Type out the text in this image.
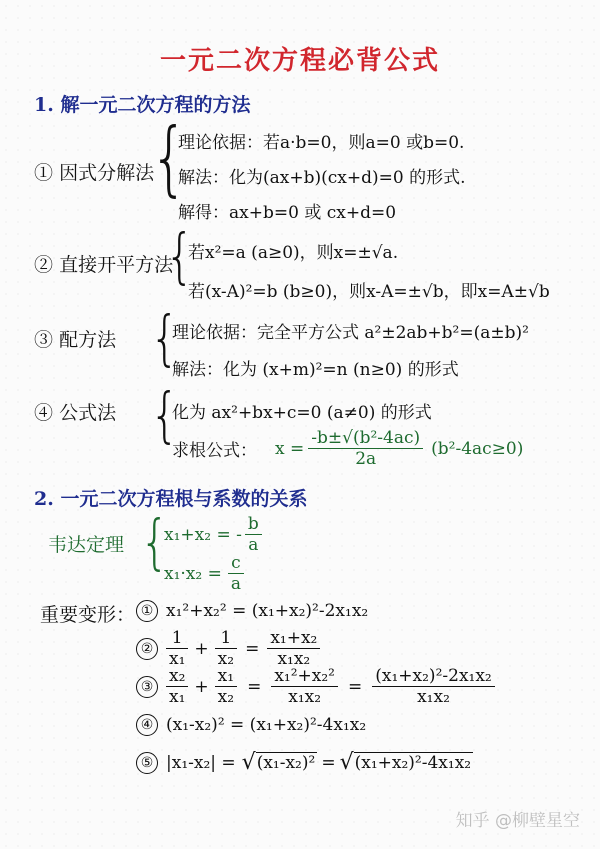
一元二次方程必背公式
1. 解一元二次方程的方法
① 因式分解法
{
理论依据：若a·b=0，则a=0 或b=0.
解法：化为(ax+b)(cx+d)=0 的形式.
解得：ax+b=0 或 cx+d=0
② 直接开平方法
{
若x²=a (a≥0)，则x=±√a.
若(x-A)²=b (b≥0)，则x-A=±√b，即x=A±√b
③ 配方法 {
理论依据：完全平方公式 a²±2ab+b²=(a±b)²
解法：化为 (x+m)²=n (n≥0) 的形式
④ 公式法 {
化为 ax²+bx+c=0 (a≠0) 的形式
求根公式： $x = \frac{\text{-b±√(b²-4ac)}}{2a} (b^2-4ac\ge 0)$
2. 一元二次方程根与系数的关系
韦达定理 {
x₁+x₂ = - $\frac{b}{a}$
$x_1\cdot x_2 = \frac{c}{a}$
重要变形： ① x₁²+x₂² = (x₁+x₂)²-2x₁x₂
② $\frac{1}{\text{x₁}} + \frac{1}{\text{x₂}} = \frac{\text{x₁+x₂}}{\text{x₁x₂}}$
③ $\frac{\text{x₂}}{\text{x₁}} + \frac{\text{x₁}}{\text{x₂}} = \frac{\text{x₁²+x₂²}}{\text{x₁x₂}} = \frac{\text{(x₁+x₂)²-2x₁x₂}}{\text{x₁x₂}}$
④ (x₁-x₂)² = (x₁+x₂)²-4x₁x₂
⑤ |x₁-x₂| = √ (x₁-x₂)² = √ (x₁+x₂)²-4x₁x₂
知乎 @柳壁星空
